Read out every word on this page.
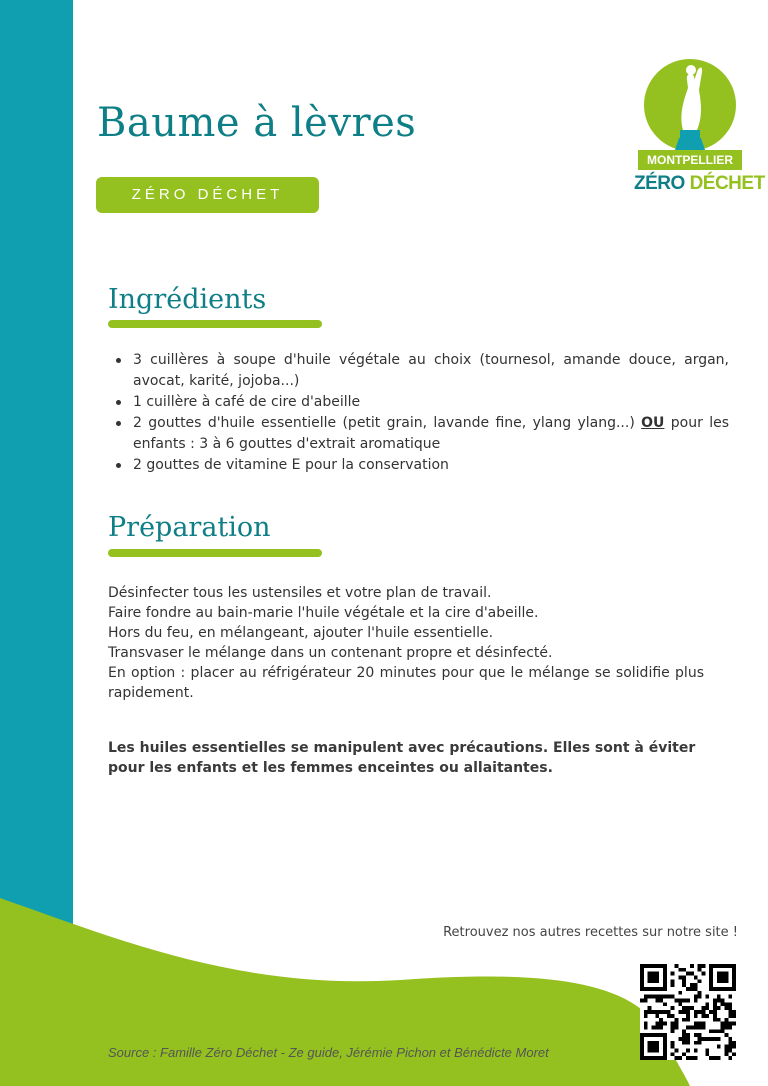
Baume à lèvres
ZÉRO DÉCHET
MONTPELLIER
ZÉRO DÉCHET
Ingrédients
3 cuillères à soupe d'huile végétale au choix (tournesol, amande douce, argan, avocat, karité, jojoba...)
1 cuillère à café de cire d'abeille
2 gouttes d'huile essentielle (petit grain, lavande fine, ylang ylang...) OU pour les enfants : 3 à 6 gouttes d'extrait aromatique
2 gouttes de vitamine E pour la conservation
Préparation

Désinfecter tous les ustensiles et votre plan de travail.

Faire fondre au bain-marie l'huile végétale et la cire d'abeille.

Hors du feu, en mélangeant, ajouter l'huile essentielle.

Transvaser le mélange dans un contenant propre et désinfecté.

En option : placer au réfrigérateur 20 minutes pour que le mélange se solidifie plus rapidement.

Les huiles essentielles se manipulent avec précautions. Elles sont à éviter pour les enfants et les femmes enceintes ou allaitantes.

Retrouvez nos autres recettes sur notre site !

Source : Famille Zéro Déchet - Ze guide, Jérémie Pichon et Bénédicte Moret
